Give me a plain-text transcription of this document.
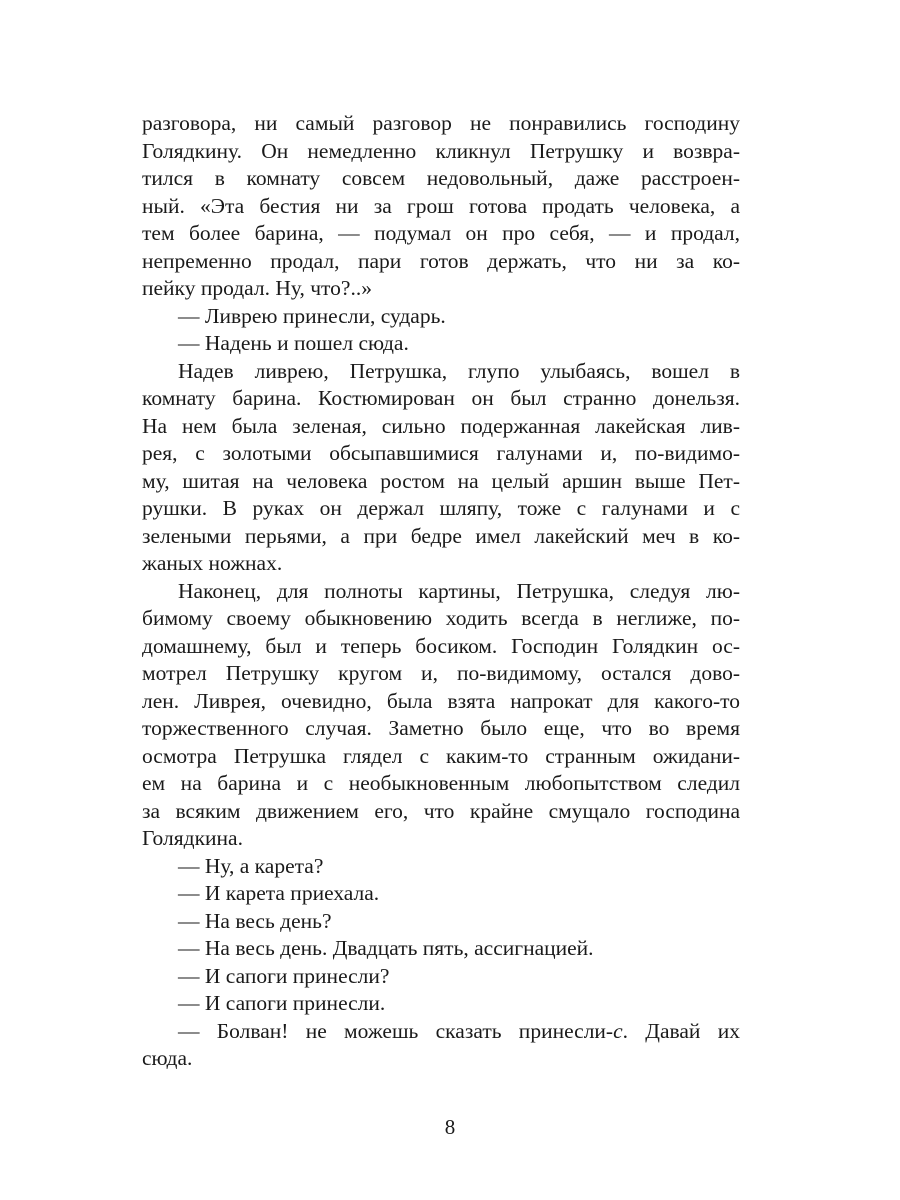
разговора, ни самый разговор не понравились господину
Голядкину. Он немедленно кликнул Петрушку и возвра-
тился в комнату совсем недовольный, даже расстроен-
ный. «Эта бестия ни за грош готова продать человека, а
тем более барина, — подумал он про себя, — и продал,
непременно продал, пари готов держать, что ни за ко-
пейку продал. Ну, что?..»
— Ливрею принесли, сударь.
— Надень и пошел сюда.
Надев ливрею, Петрушка, глупо улыбаясь, вошел в
комнату барина. Костюмирован он был странно донельзя.
На нем была зеленая, сильно подержанная лакейская лив-
рея, с золотыми обсыпавшимися галунами и, по-видимо-
му, шитая на человека ростом на целый аршин выше Пет-
рушки. В руках он держал шляпу, тоже с галунами и с
зелеными перьями, а при бедре имел лакейский меч в ко-
жаных ножнах.
Наконец, для полноты картины, Петрушка, следуя лю-
бимому своему обыкновению ходить всегда в неглиже, по-
домашнему, был и теперь босиком. Господин Голядкин ос-
мотрел Петрушку кругом и, по-видимому, остался дово-
лен. Ливрея, очевидно, была взята напрокат для какого-то
торжественного случая. Заметно было еще, что во время
осмотра Петрушка глядел с каким-то странным ожидани-
ем на барина и с необыкновенным любопытством следил
за всяким движением его, что крайне смущало господина
Голядкина.
— Ну, а карета?
— И карета приехала.
— На весь день?
— На весь день. Двадцать пять, ассигнацией.
— И сапоги принесли?
— И сапоги принесли.
— Болван! не можешь сказать принесли-с. Давай их
сюда.
8
